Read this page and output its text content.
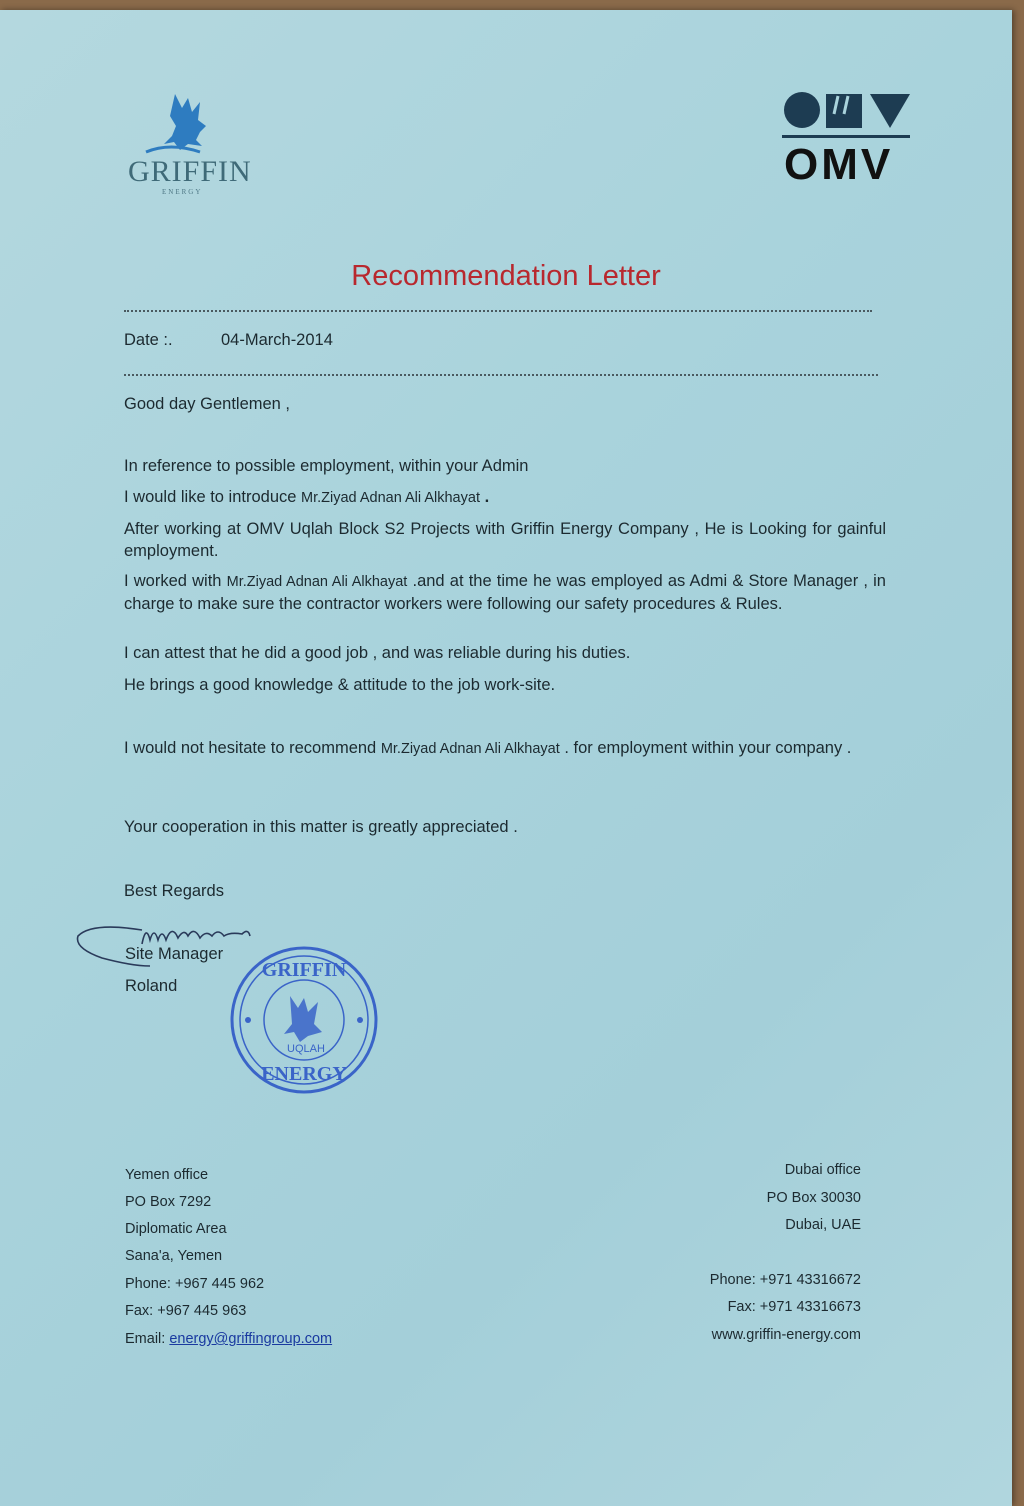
GRIFFIN
ENERGY
OMV
Recommendation Letter
Date :.	04-March-2014
Good day Gentlemen ,
In reference to possible employment, within your Admin
I would like to introduce Mr.Ziyad Adnan Ali Alkhayat .
After working at OMV Uqlah Block S2 Projects with Griffin Energy Company , He is Looking for gainful employment.
I worked with Mr.Ziyad Adnan Ali Alkhayat .and at the time he was employed as Admi & Store Manager , in charge to make sure the contractor workers were following our safety procedures & Rules.
I can attest that he did a good job , and was reliable during his duties.
He brings a good knowledge & attitude to the job work-site.
I would not hesitate to recommend Mr.Ziyad Adnan Ali Alkhayat . for employment within your company .
Your cooperation in this matter is greatly appreciated .
Best Regards
Site Manager
Roland
GRIFFIN
ENERGY
UQLAH
Yemen office
PO Box 7292
Diplomatic Area
Sana'a, Yemen
Phone: +967 445 962
Fax: +967 445 963
Email: energy@griffingroup.com
Dubai office
PO Box 30030
Dubai, UAE
Phone: +971 43316672
Fax: +971 43316673
www.griffin-energy.com
